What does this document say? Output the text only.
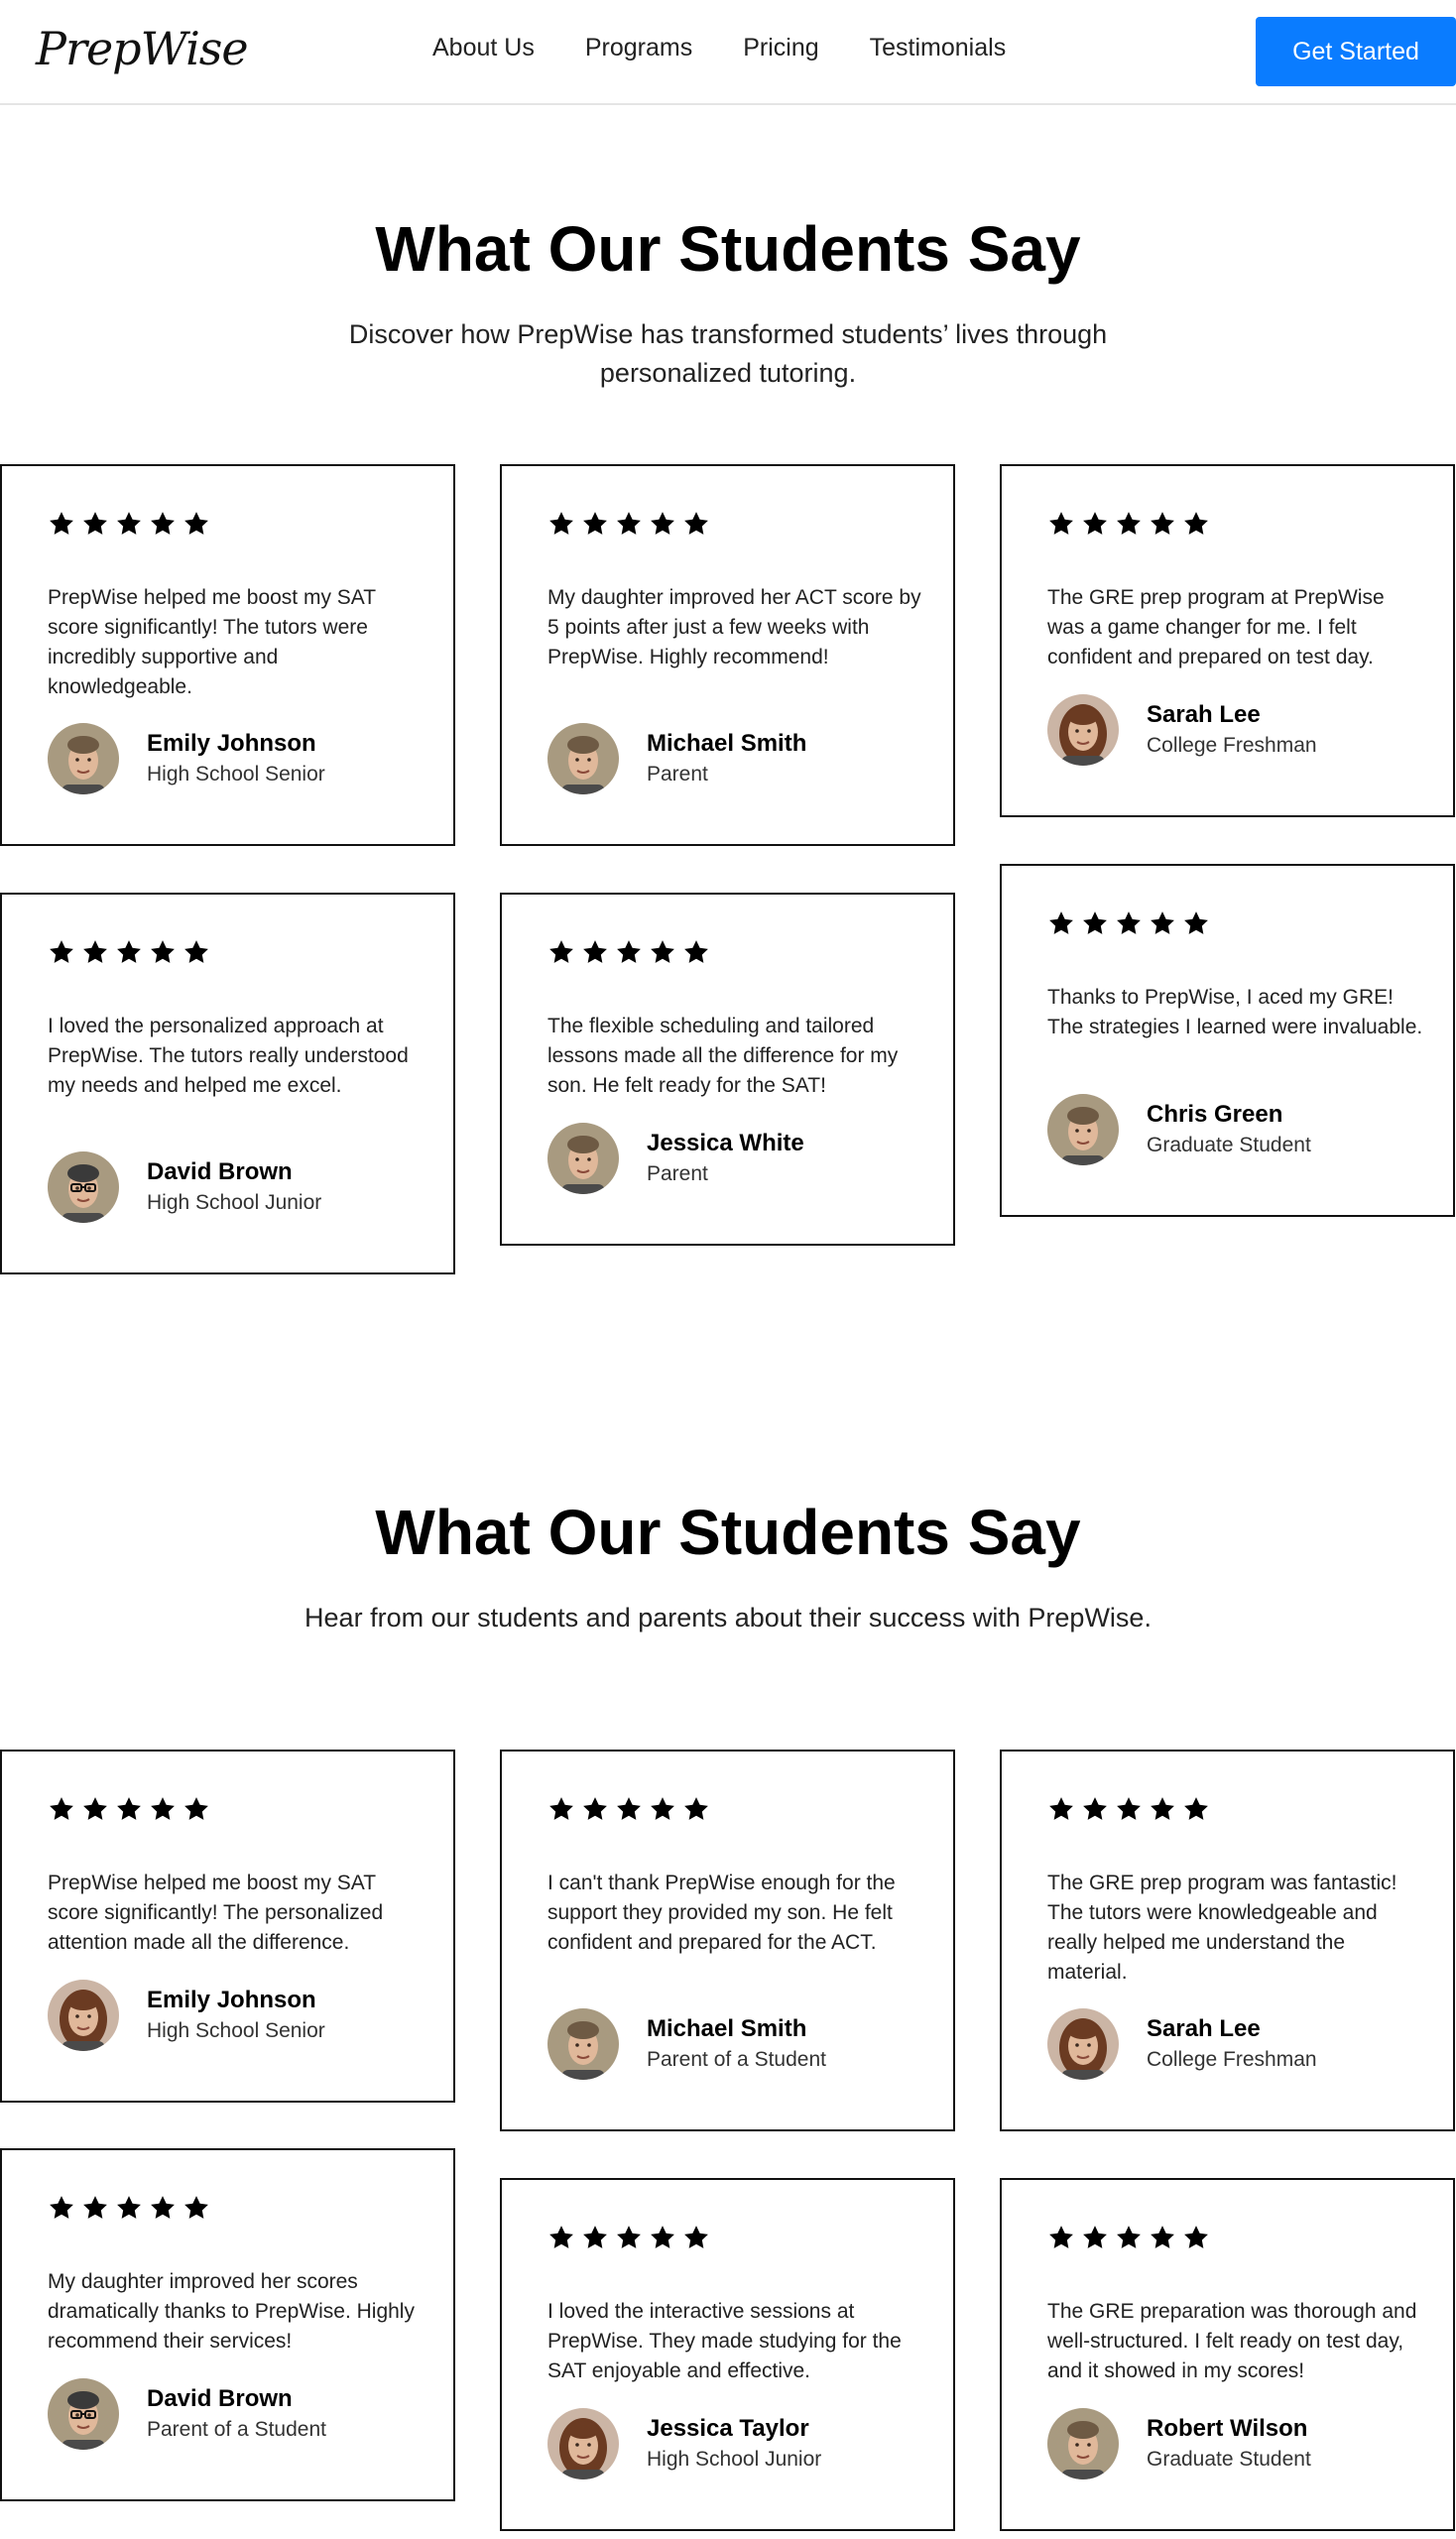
PrepWise	About Us Programs Pricing Testimonials	Get Started
What Our Students Say

Discover how PrepWise has transformed students’ lives through personalized tutoring.

PrepWise helped me boost my SAT score significantly! The tutors were incredibly supportive and knowledgeable.

Emily Johnson
High School Senior

My daughter improved her ACT score by 5 points after just a few weeks with PrepWise. Highly recommend!

Michael Smith
Parent

The GRE prep program at PrepWise was a game changer for me. I felt confident and prepared on test day.

Sarah Lee
College Freshman

I loved the personalized approach at PrepWise. The tutors really understood my needs and helped me excel.

David Brown
High School Junior

The flexible scheduling and tailored lessons made all the difference for my son. He felt ready for the SAT!

Jessica White
Parent

Thanks to PrepWise, I aced my GRE! The strategies I learned were invaluable.

Chris Green
Graduate Student
What Our Students Say

Hear from our students and parents about their success with PrepWise.

PrepWise helped me boost my SAT score significantly! The personalized attention made all the difference.

Emily Johnson
High School Senior

I can't thank PrepWise enough for the support they provided my son. He felt confident and prepared for the ACT.

Michael Smith
Parent of a Student

The GRE prep program was fantastic! The tutors were knowledgeable and really helped me understand the material.

Sarah Lee
College Freshman

My daughter improved her scores dramatically thanks to PrepWise. Highly recommend their services!

David Brown
Parent of a Student

I loved the interactive sessions at PrepWise. They made studying for the SAT enjoyable and effective.

Jessica Taylor
High School Junior

The GRE preparation was thorough and well-structured. I felt ready on test day, and it showed in my scores!

Robert Wilson
Graduate Student
